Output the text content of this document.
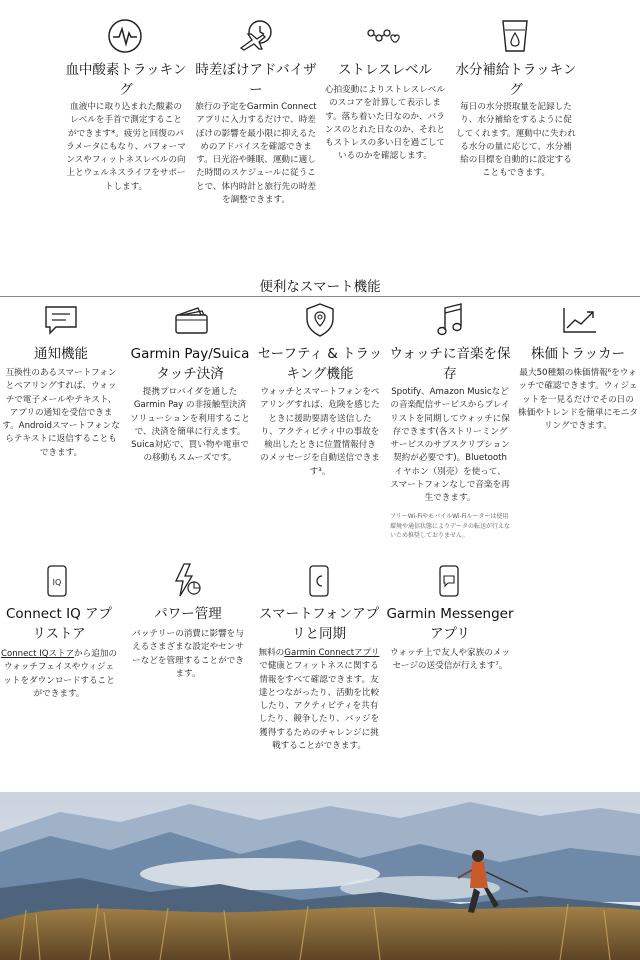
血中酸素トラッキング
血液中に取り込まれた酸素のレベルを手首で測定することができます*。疲労と回復のパラメータにもなり、パフォーマンスやフィットネスレベルの向上とウェルネスライフをサポートします。
時差ぼけアドバイザー
旅行の予定をGarmin Connectアプリに入力するだけで、時差ぼけの影響を最小限に抑えるためのアドバイスを確認できます。日光浴や睡眠、運動に適した時間のスケジュールに従うことで、体内時計と旅行先の時差を調整できます。
ストレスレベル
心拍変動によりストレスレベルのスコアを計算して表示します。落ち着いた日なのか、バランスのとれた日なのか、それともストレスの多い日を過ごしているのかを確認します。
水分補給トラッキング
毎日の水分摂取量を記録したり、水分補給をするように促してくれます。運動中に失われる水分の量に応じて、水分補給の目標を自動的に設定することもできます。
便利なスマート機能
通知機能
互換性のあるスマートフォンとペアリングすれば、ウォッチで電子メールやテキスト、アプリの通知を受信できます。Androidスマートフォンならテキストに返信することもできます。
Garmin Pay/Suica タッチ決済
提携プロバイダを通したGarmin Pay の非接触型決済ソリューションを利用することで、決済を簡単に行えます。Suica対応で、買い物や電車での移動もスムーズです。
セーフティ & トラッキング機能
ウォッチとスマートフォンをペアリングすれば、危険を感じたときに援助要請を送信したり、アクティビティ中の事故を検出したときに位置情報付きのメッセージを自動送信できます³。
ウォッチに音楽を保存
Spotify、Amazon Musicなどの音楽配信サービスからプレイリストを同期してウォッチに保存できます(各ストリーミングサービスのサブスクリプション契約が必要です)。Bluetoothイヤホン（別売）を使って、スマートフォンなしで音楽を再生できます。
フリーWi-FiやモバイルWi-Fiルーターは使用環境や通信状態によりデータの転送が行えないため推奨しておりません。
株価トラッカー
最大50種類の株価情報⁶をウォッチで確認できます。ウィジェットを一見るだけでその日の株価やトレンドを簡単にモニタリングできます。
IQ
Connect IQ アプリストア
Connect IQストアから追加のウォッチフェイスやウィジェットをダウンロードすることができます。
パワー管理
バッテリーの消費に影響を与えるさまざまな設定やセンサーなどを管理することができます。
スマートフォンアプリと同期
無料のGarmin Connectアプリで健康とフィットネスに関する情報をすべて確認できます。友達とつながったり、活動を比較したり、アクティビティを共有したり、競争したり、バッジを獲得するためのチャレンジに挑戦することができます。
Garmin Messenger アプリ
ウォッチ上で友人や家族のメッセージの送受信が行えます⁷。
